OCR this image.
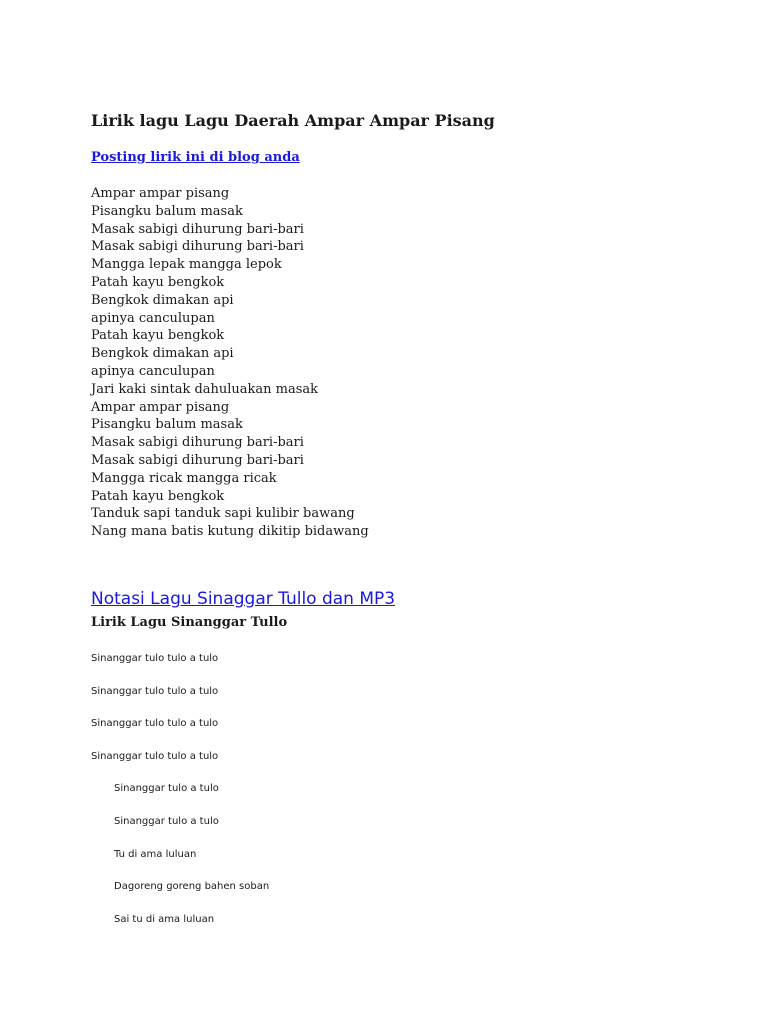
Lirik lagu Lagu Daerah Ampar Ampar Pisang
Posting lirik ini di blog anda
Ampar ampar pisang
Pisangku balum masak
Masak sabigi dihurung bari-bari
Masak sabigi dihurung bari-bari
Mangga lepak mangga lepok
Patah kayu bengkok
Bengkok dimakan api
apinya canculupan
Patah kayu bengkok
Bengkok dimakan api
apinya canculupan
Jari kaki sintak dahuluakan masak
Ampar ampar pisang
Pisangku balum masak
Masak sabigi dihurung bari-bari
Masak sabigi dihurung bari-bari
Mangga ricak mangga ricak
Patah kayu bengkok
Tanduk sapi tanduk sapi kulibir bawang
Nang mana batis kutung dikitip bidawang
Notasi Lagu Sinaggar Tullo dan MP3
Lirik Lagu Sinanggar Tullo
Sinanggar tulo tulo a tulo
Sinanggar tulo tulo a tulo
Sinanggar tulo tulo a tulo
Sinanggar tulo tulo a tulo
Sinanggar tulo a tulo
Sinanggar tulo a tulo
Tu di ama luluan
Dagoreng goreng bahen soban
Sai tu di ama luluan
